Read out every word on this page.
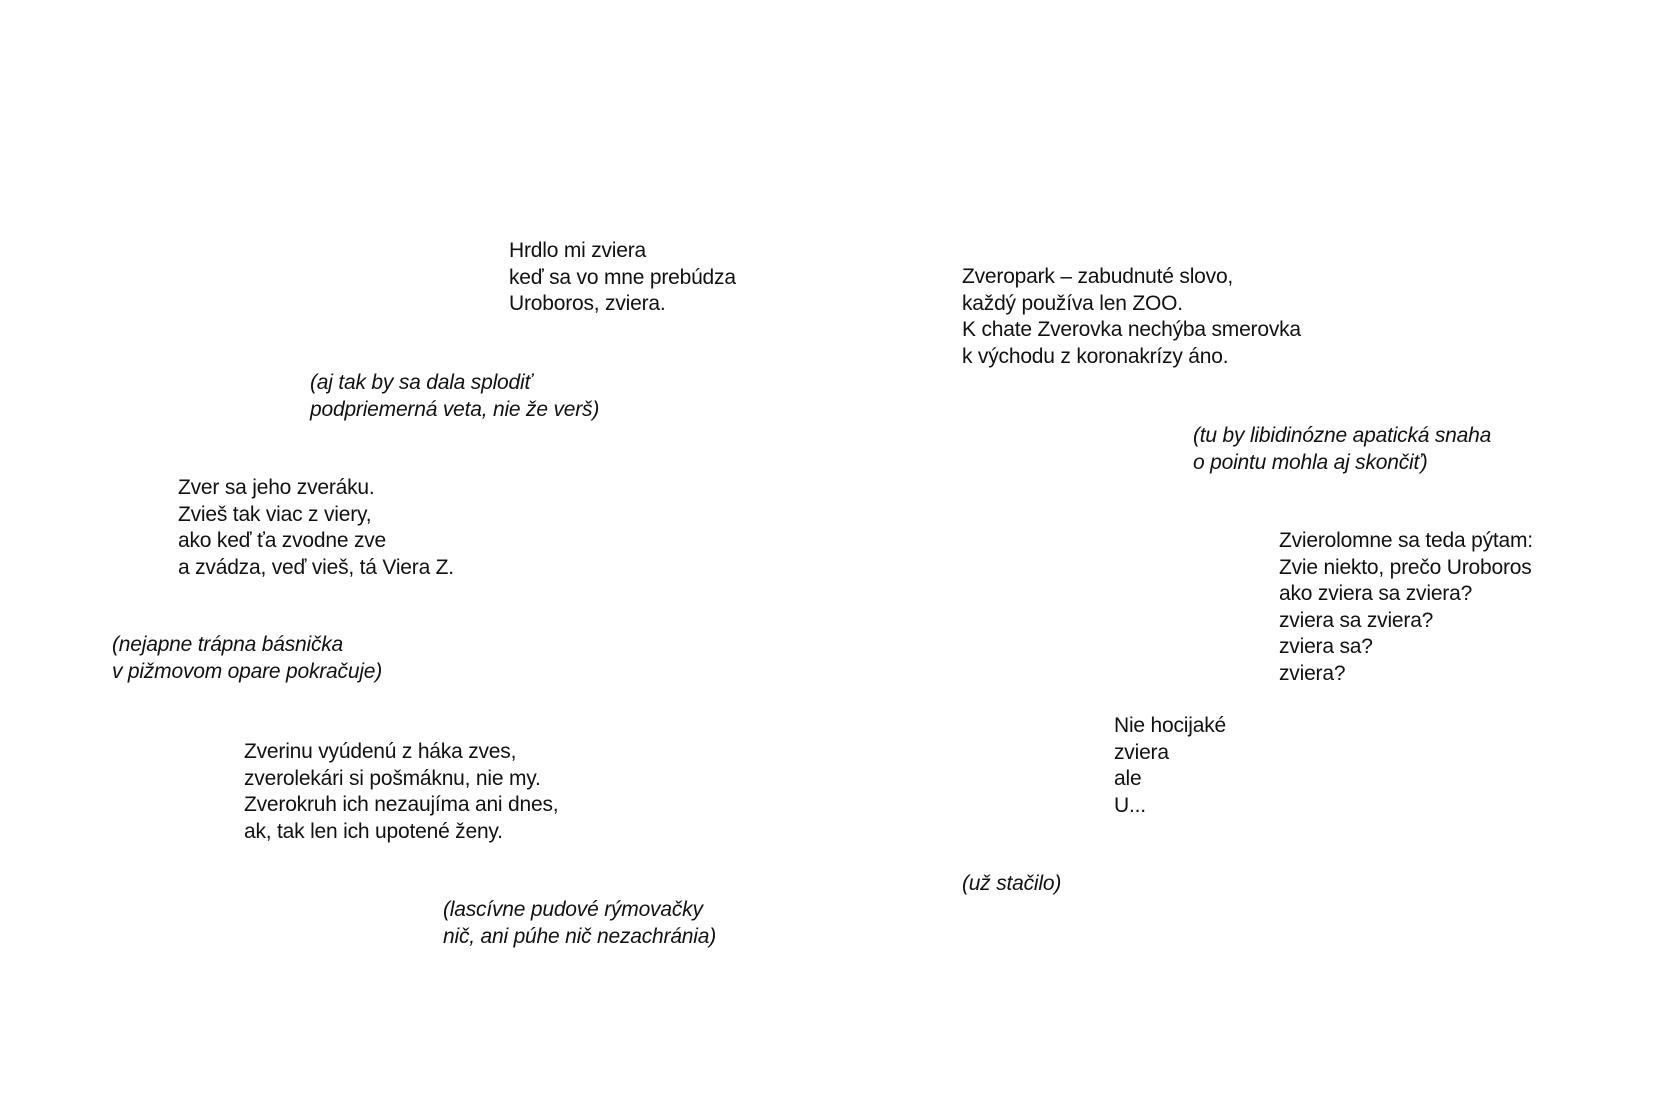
Hrdlo mi zviera
keď sa vo mne prebúdza
Uroboros, zviera.
(aj tak by sa dala splodiť
podpriemerná veta, nie že verš)
Zver sa jeho zveráku.
Zvieš tak viac z viery,
ako keď ťa zvodne zve
a zvádza, veď vieš, tá Viera Z.
(nejapne trápna básnička
v pižmovom opare pokračuje)
Zverinu vyúdenú z háka zves,
zverolekári si pošmáknu, nie my.
Zverokruh ich nezaujíma ani dnes,
ak, tak len ich upotené ženy.
(lascívne pudové rýmovačky
nič, ani púhe nič nezachránia)
Zveropark – zabudnuté slovo,
každý používa len ZOO.
K chate Zverovka nechýba smerovka
k východu z koronakrízy áno.
(tu by libidinózne apatická snaha
o pointu mohla aj skončiť)
Zvierolomne sa teda pýtam:
Zvie niekto, prečo Uroboros
ako zviera sa zviera?
zviera sa zviera?
zviera sa?
zviera?
Nie hocijaké
zviera
ale
U...
(už stačilo)
